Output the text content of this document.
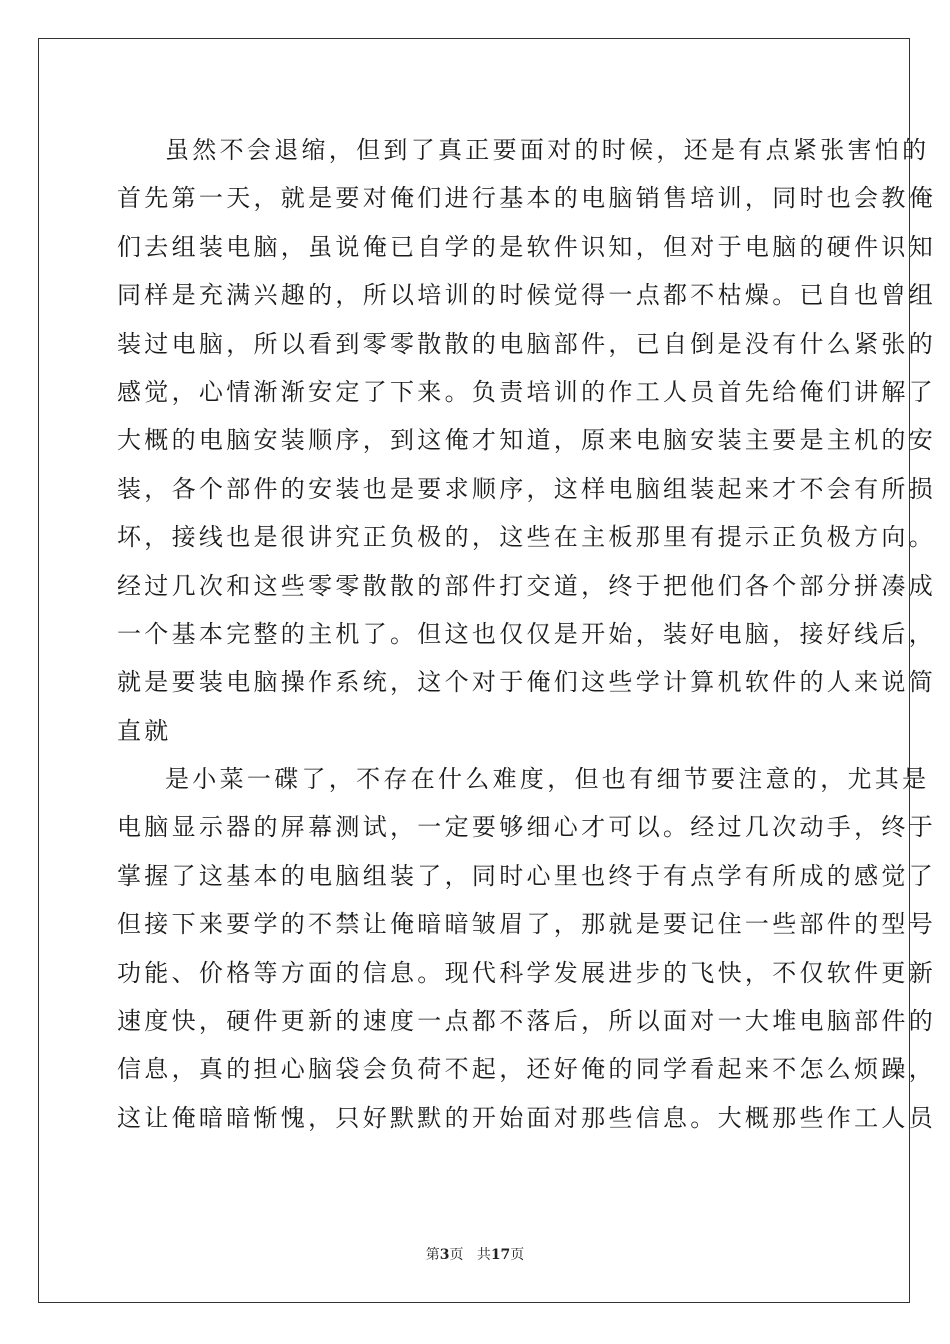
虽然不会退缩，但到了真正要面对的时候，还是有点紧张害怕的
首先第一天，就是要对俺们进行基本的电脑销售培训，同时也会教俺
们去组装电脑，虽说俺已自学的是软件识知，但对于电脑的硬件识知
同样是充满兴趣的，所以培训的时候觉得一点都不枯燥。已自也曾组
装过电脑，所以看到零零散散的电脑部件，已自倒是没有什么紧张的
感觉，心情渐渐安定了下来。负责培训的作工人员首先给俺们讲解了
大概的电脑安装顺序，到这俺才知道，原来电脑安装主要是主机的安
装，各个部件的安装也是要求顺序，这样电脑组装起来才不会有所损
坏，接线也是很讲究正负极的，这些在主板那里有提示正负极方向。
经过几次和这些零零散散的部件打交道，终于把他们各个部分拼凑成
一个基本完整的主机了。但这也仅仅是开始，装好电脑，接好线后，
就是要装电脑操作系统，这个对于俺们这些学计算机软件的人来说简
直就
是小菜一碟了，不存在什么难度，但也有细节要注意的，尤其是
电脑显示器的屏幕测试，一定要够细心才可以。经过几次动手，终于
掌握了这基本的电脑组装了，同时心里也终于有点学有所成的感觉了
但接下来要学的不禁让俺暗暗皱眉了，那就是要记住一些部件的型号
功能、价格等方面的信息。现代科学发展进步的飞快，不仅软件更新
速度快，硬件更新的速度一点都不落后，所以面对一大堆电脑部件的
信息，真的担心脑袋会负荷不起，还好俺的同学看起来不怎么烦躁，
这让俺暗暗惭愧，只好默默的开始面对那些信息。大概那些作工人员
第3页 共17页
